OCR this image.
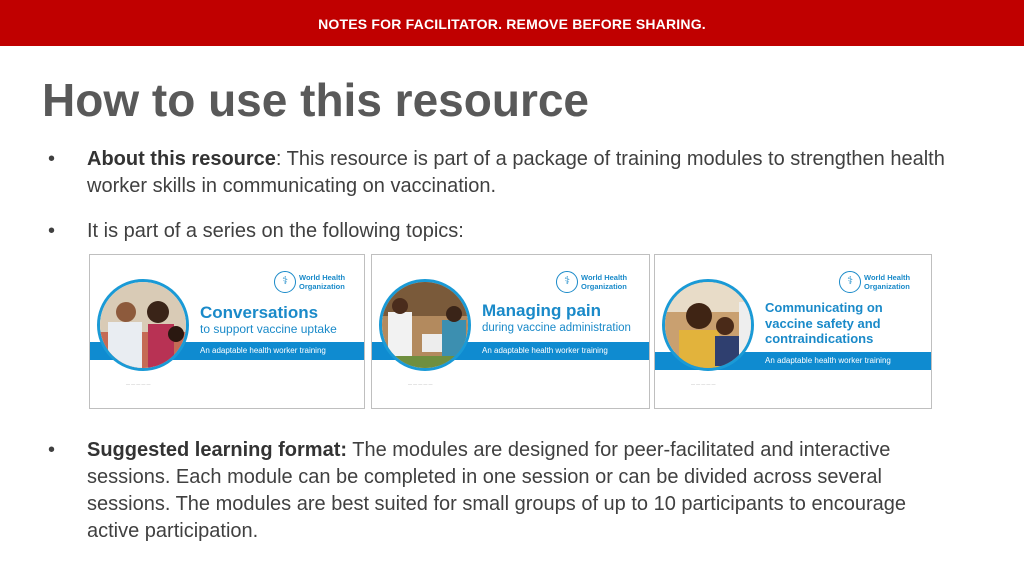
NOTES FOR FACILITATOR. REMOVE BEFORE SHARING.
How to use this resource
• About this resource: This resource is part of a package of training modules to strengthen health worker skills in communicating on vaccination.
• It is part of a series on the following topics:
⚕	World Health
Organization
Conversations
to support vaccine uptake
An adaptable health worker training
— — — — —
⚕	World Health
Organization
Managing pain
during vaccine administration
An adaptable health worker training
— — — — —
⚕	World Health
Organization
Communicating on
vaccine safety and
contraindications
An adaptable health worker training
— — — — —
• Suggested learning format: The modules are designed for peer-facilitated and interactive sessions. Each module can be completed in one session or can be divided across several sessions. The modules are best suited for small groups of up to 10 participants to encourage active participation.
